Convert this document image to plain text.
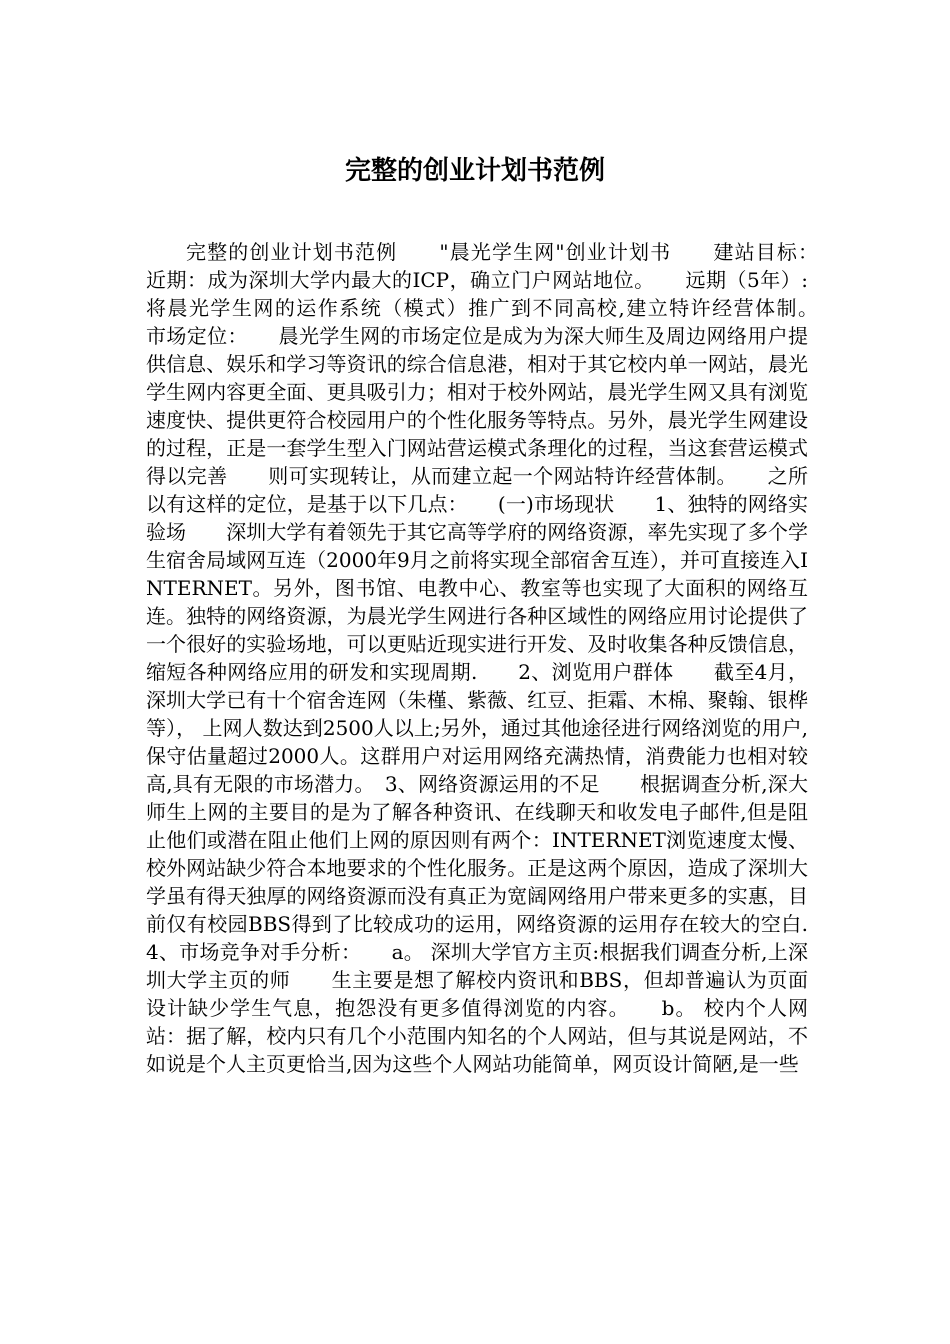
完整的创业计划书范例

完整的创业计划书范例　　"晨光学生网"创业计划书　　建站目标：　　近期：成为深圳大学内最大的ICP，确立门户网站地位。　　远期（5年）:将晨光学生网的运作系统（模式）推广到不同高校,建立特许经营体制。　　市场定位：　　晨光学生网的市场定位是成为为深大师生及周边网络用户提供信息、娱乐和学习等资讯的综合信息港，相对于其它校内单一网站，晨光学生网内容更全面、更具吸引力；相对于校外网站，晨光学生网又具有浏览速度快、提供更符合校园用户的个性化服务等特点。另外，晨光学生网建设的过程，正是一套学生型入门网站营运模式条理化的过程，当这套营运模式得以完善　　则可实现转让，从而建立起一个网站特许经营体制。　　之所以有这样的定位，是基于以下几点：　　(一)市场现状　　1、独特的网络实验场　　深圳大学有着领先于其它高等学府的网络资源，率先实现了多个学生宿舍局域网互连（2000年9月之前将实现全部宿舍互连），并可直接连入INTERNET。另外，图书馆、电教中心、教室等也实现了大面积的网络互连。独特的网络资源，为晨光学生网进行各种区域性的网络应用讨论提供了一个很好的实验场地，可以更贴近现实进行开发、及时收集各种反馈信息，缩短各种网络应用的研发和实现周期.　　2、浏览用户群体　　截至4月，深圳大学已有十个宿舍连网（朱槿、紫薇、红豆、拒霜、木棉、聚翰、银桦等）， 上网人数达到2500人以上;另外，通过其他途径进行网络浏览的用户,保守估量超过2000人。这群用户对运用网络充满热情，消费能力也相对较高,具有无限的市场潜力。　3、网络资源运用的不足　　根据调查分析,深大师生上网的主要目的是为了解各种资讯、在线聊天和收发电子邮件,但是阻止他们或潜在阻止他们上网的原因则有两个：INTERNET浏览速度太慢、校外网站缺少符合本地要求的个性化服务。正是这两个原因，造成了深圳大学虽有得天独厚的网络资源而没有真正为宽阔网络用户带来更多的实惠，目前仅有校园BBS得到了比较成功的运用，网络资源的运用存在较大的空白.　　4、市场竞争对手分析：　　a。 深圳大学官方主页:根据我们调查分析,上深圳大学主页的师　　生主要是想了解校内资讯和BBS，但却普遍认为页面设计缺少学生气息，抱怨没有更多值得浏览的内容。　　b。 校内个人网站：据了解，校内只有几个小范围内知名的个人网站，但与其说是网站，不如说是个人主页更恰当,因为这些个人网站功能简单，网页设计简陋,是一些
